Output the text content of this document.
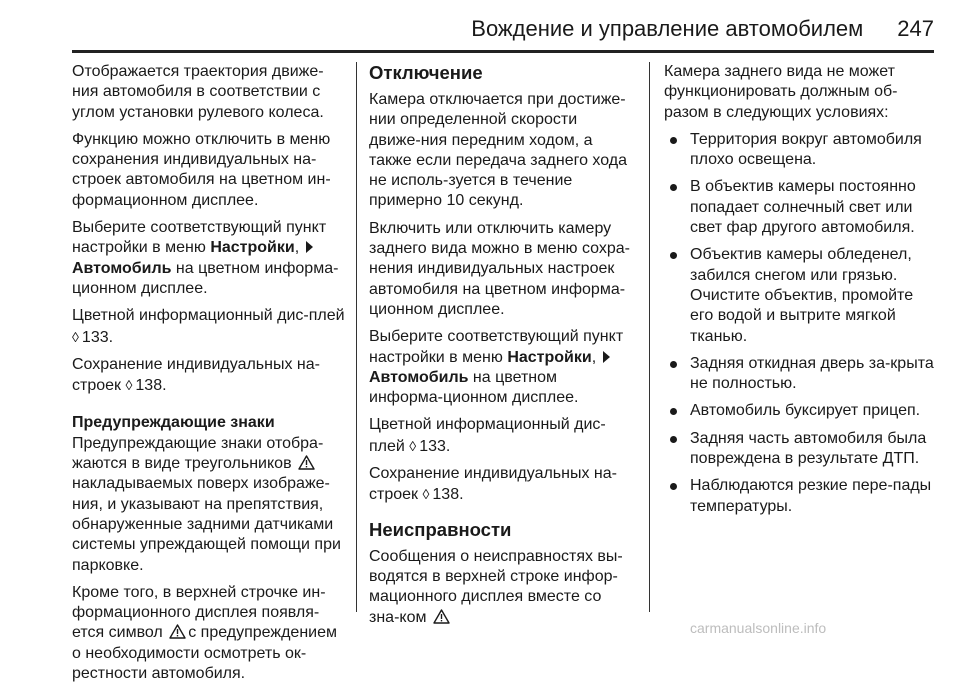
Вождение и управление автомобилем 247

Отображается траектория движе-ния автомобиля в соответствии с углом установки рулевого колеса.

Функцию можно отключить в меню сохранения индивидуальных на-строек автомобиля на цветном ин-формационном дисплее.

Выберите соответствующий пункт настройки в меню Настройки,
Автомобиль на цветном информа-ционном дисплее.

Цветной информационный дис-плей ◊ 133.

Сохранение индивидуальных на-строек ◊ 138.

Предупреждающие знаки

Предупреждающие знаки отобра-жаются в виде треугольников  накладываемых поверх изображе-ния, и указывают на препятствия, обнаруженные задними датчиками системы упреждающей помощи при парковке.

Кроме того, в верхней строчке ин-формационного дисплея появля-ется символ с предупреждением о необходимости осмотреть ок-рестности автомобиля.

Отключение

Камера отключается при достиже-нии определенной скорости движе-ния передним ходом, а также если передача заднего хода не исполь-зуется в течение примерно 10 секунд.

Включить или отключить камеру заднего вида можно в меню сохра-нения индивидуальных настроек автомобиля на цветном информа-ционном дисплее.

Выберите соответствующий пункт настройки в меню Настройки,
Автомобиль на цветном информа-ционном дисплее.

Цветной информационный дис-плей ◊ 133.

Сохранение индивидуальных на-строек ◊ 138.

Неисправности

Сообщения о неисправностях вы-водятся в верхней строке инфор-мационного дисплея вместе со зна-ком

Камера заднего вида не может функционировать должным об-разом в следующих условиях:

Территория вокруг автомобиля плохо освещена.
В объектив камеры постоянно попадает солнечный свет или свет фар другого автомобиля.
Объектив камеры обледенел, забился снегом или грязью. Очистите объектив, промойте его водой и вытрите мягкой тканью.
Задняя откидная дверь за-крыта не полностью.
Автомобиль буксирует прицеп.
Задняя часть автомобиля была повреждена в результате ДТП.
Наблюдаются резкие пере-пады температуры.
carmanualsonline.info
